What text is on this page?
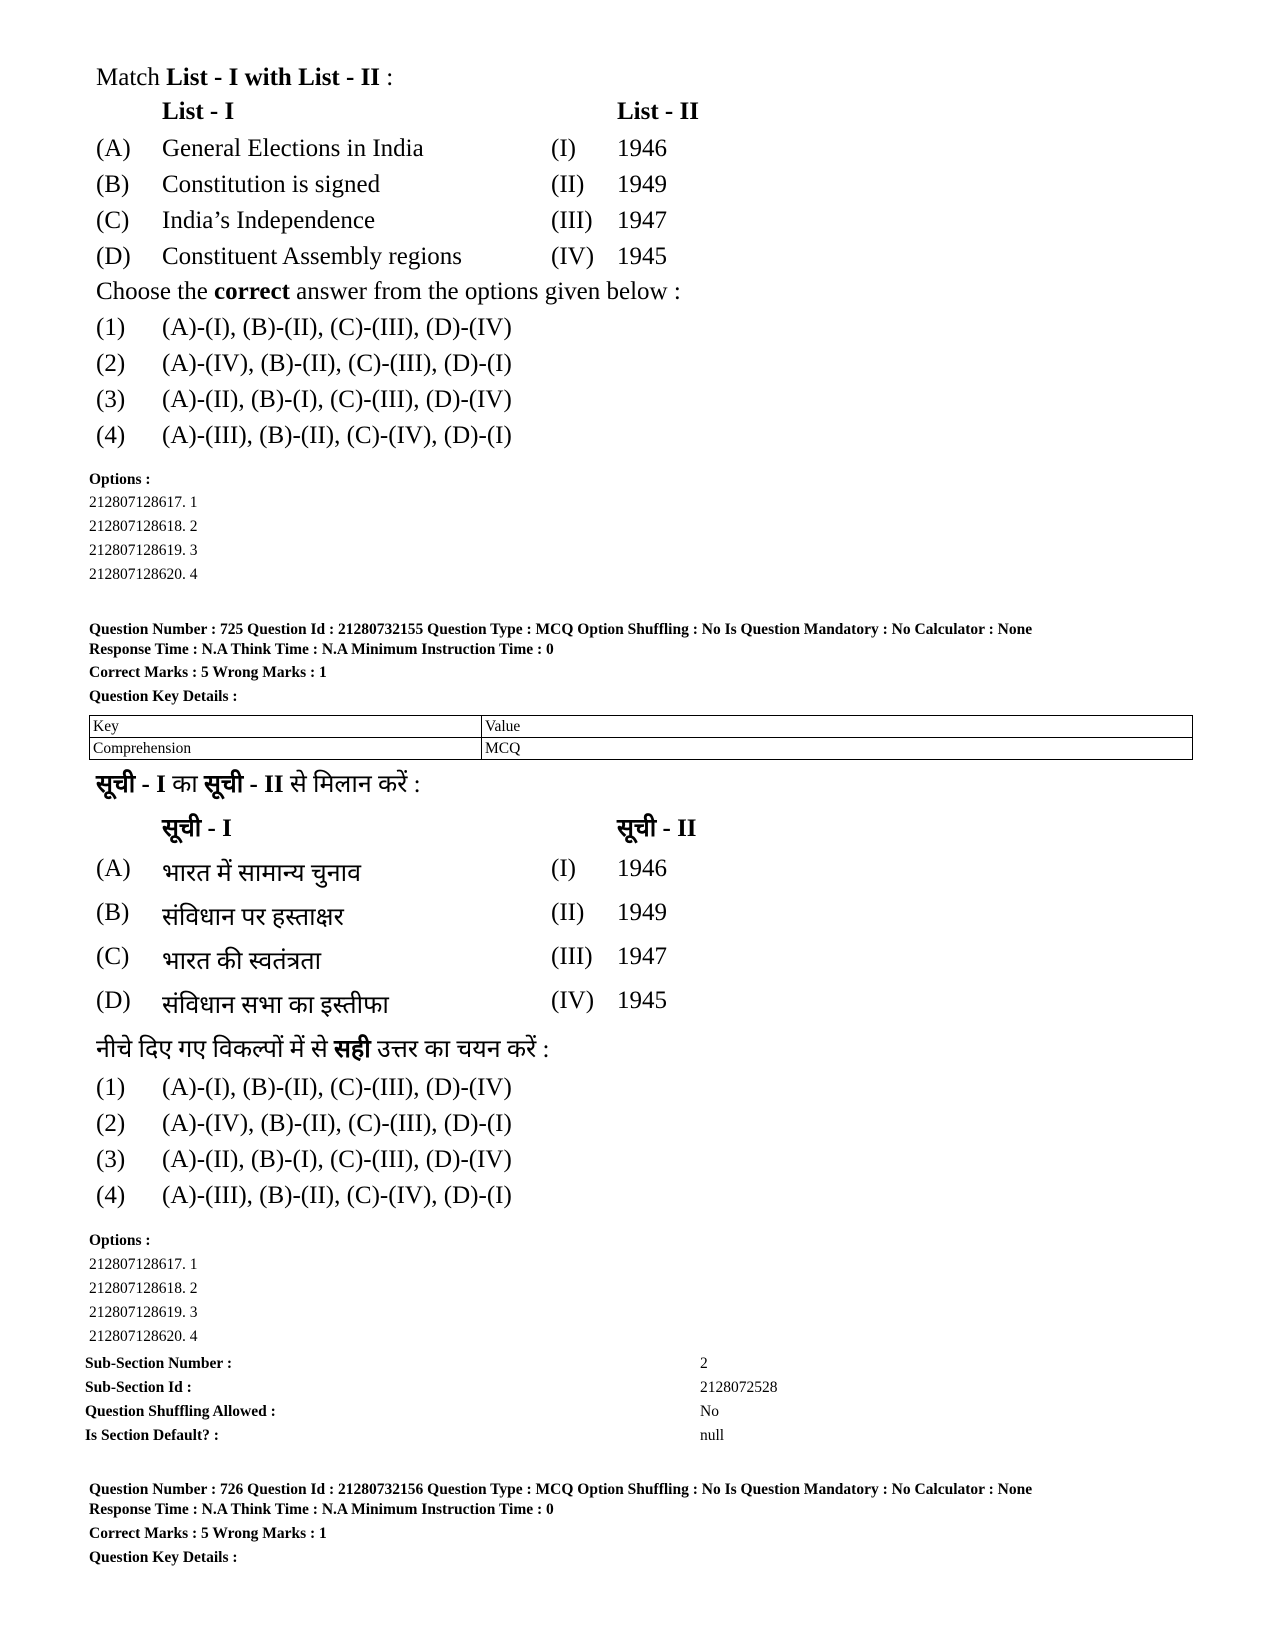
Match List - I with List - II :
List - I	List - II
(A) General Elections in India	(I) 1946
(B) Constitution is signed	(II) 1949
(C) India’s Independence	(III) 1947
(D) Constituent Assembly regions	(IV) 1945
Choose the correct answer from the options given below :
(1) (A)-(I), (B)-(II), (C)-(III), (D)-(IV)
(2) (A)-(IV), (B)-(II), (C)-(III), (D)-(I)
(3) (A)-(II), (B)-(I), (C)-(III), (D)-(IV)
(4) (A)-(III), (B)-(II), (C)-(IV), (D)-(I)
Options :
212807128617. 1
212807128618. 2
212807128619. 3
212807128620. 4
Question Number : 725 Question Id : 21280732155 Question Type : MCQ Option Shuffling : No Is Question Mandatory : No Calculator : None
Response Time : N.A Think Time : N.A Minimum Instruction Time : 0
Correct Marks : 5 Wrong Marks : 1
Question Key Details :
Key	Value
Comprehension	MCQ
सूची - I का सूची - II से मिलान करें :
सूची - I	सूची - II
(A) भारत में सामान्य चुनाव	(I) 1946
(B) संविधान पर हस्ताक्षर	(II) 1949
(C) भारत की स्वतंत्रता	(III) 1947
(D) संविधान सभा का इस्तीफा	(IV) 1945
नीचे दिए गए विकल्पों में से सही उत्तर का चयन करें :
(1) (A)-(I), (B)-(II), (C)-(III), (D)-(IV)
(2) (A)-(IV), (B)-(II), (C)-(III), (D)-(I)
(3) (A)-(II), (B)-(I), (C)-(III), (D)-(IV)
(4) (A)-(III), (B)-(II), (C)-(IV), (D)-(I)
Options :
212807128617. 1
212807128618. 2
212807128619. 3
212807128620. 4
Sub-Section Number :	2
Sub-Section Id :	2128072528
Question Shuffling Allowed :	No
Is Section Default? :	null
Question Number : 726 Question Id : 21280732156 Question Type : MCQ Option Shuffling : No Is Question Mandatory : No Calculator : None
Response Time : N.A Think Time : N.A Minimum Instruction Time : 0
Correct Marks : 5 Wrong Marks : 1
Question Key Details :
